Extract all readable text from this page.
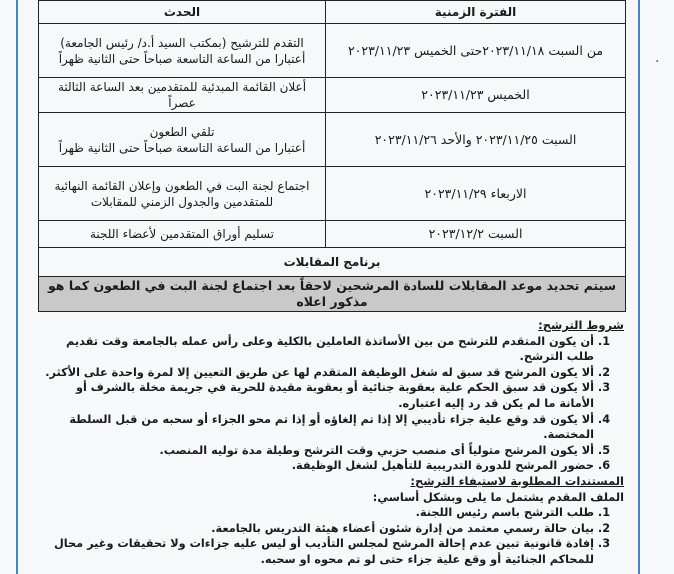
.
الفترة الزمنية	الحدث
من السبت ٢٠٢٣/١١/١٨حتى الخميس ٢٠٢٣/١١/٢٣	التقدم للترشيح (بمكتب السيد أ.د/ رئيس الجامعة)
أعتبارا من الساعة التاسعة صباحاً حتى الثانية ظهراً

الخميس ٢٠٢٣/١١/٢٣	أعلان القائمة المبدئية للمتقدمين بعد الساعة الثالثة عصراً
السبت ٢٠٢٣/١١/٢٥ والأحد ٢٠٢٣/١١/٢٦	تلقي الطعون
أعتبارا من الساعة التاسعة صباحاً حتى الثانية ظهراً

الاربعاء ٢٠٢٣/١١/٢٩	اجتماع لجنة البت في الطعون وإعلان القائمة النهائية
للمتقدمين والجدول الزمني للمقابلات

السبت ٢٠٢٣/١٢/٢	تسليم أوراق المتقدمين لأعضاء اللجنة
برنامج المقابلات	
سيتم تحديد موعد المقابلات للسادة المرشحين لاحقاً بعد اجتماع لجنة البت في الطعون كما هو مذكور اعلاه	

شروط الترشح:

1. أن يكون المتقدم للترشح من بين الأساتذة العاملين بالكلية وعلى رأس عمله بالجامعة وقت تقديم طلب الترشح.
2. ألا يكون المرشح قد سبق له شغل الوظيفة المتقدم لها عن طريق التعيين إلا لمرة واحدة على الأكثر.
3. ألا يكون قد سبق الحكم علية بعقوبة جنائية أو بعقوبة مقيدة للحرية في جريمة مخلة بالشرف أو الأمانة ما لم يكن قد رد إليه اعتباره.
4. ألا يكون قد وقع علية جزاء تأديبي إلا إذا تم إلغاؤه أو إذا تم محو الجزاء أو سحبه من قبل السلطة المختصة.
5. ألا يكون المرشح متولياً أى منصب حزبي وقت الترشح وطيلة مدة توليه المنصب.
6. حضور المرشح للدورة التدريبية للتأهيل لشغل الوظيفة.

المستندات المطلوبة لاستيفاء الترشح:

الملف المقدم يشتمل ما يلى وبشكل أساسي:

1. طلب الترشح باسم رئيس اللجنة.
2. بيان حالة رسمي معتمد من إدارة شئون أعضاء هيئة التدريس بالجامعة.
3. إفادة قانونية تبين عدم إحالة المرشح لمجلس التأديب أو ليس عليه جزاءات ولا تحقيقات وغير محال للمحاكم الجنائية أو وقع علية جزاء حتى لو تم محوه او سحبه.
